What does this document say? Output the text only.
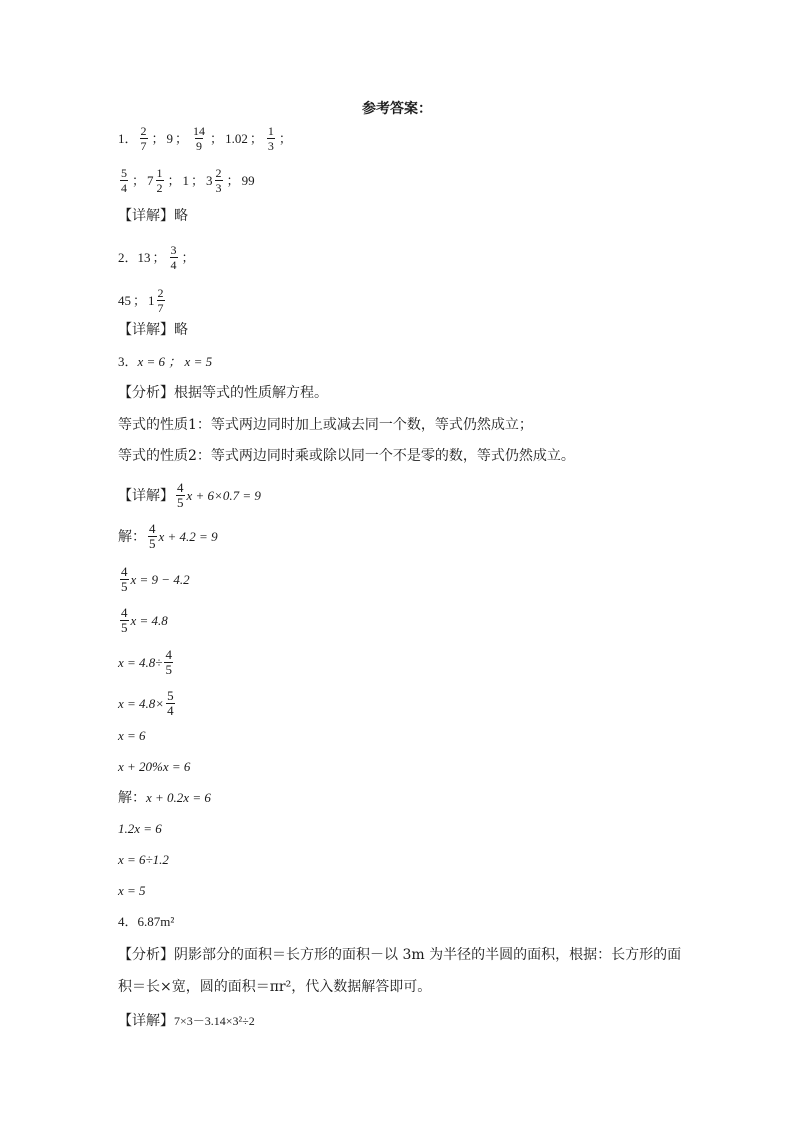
参考答案：
1． $\frac{2}{7}$ ； 9 ； $\frac{14}{9}$ ； 1.02 ； $\frac{1}{3}$ ；
$\frac{5}{4}$ ； $7 \frac{1}{2}$ ； 1 ； $3 \frac{2}{3}$ ； 99
【详解】 略
2． 13 ； $\frac{3}{4}$ ；
45 ； $1 \frac{2}{7}$
【详解】 略
3． x = 6 ； x = 5
【分析】 根据等式的性质解方程。
等式的性质1：等式两边同时加上或减去同一个数，等式仍然成立；
等式的性质2：等式两边同时乘或除以同一个不是零的数，等式仍然成立。
【详解】 $\frac{4}{5}$ x + 6×0.7 = 9
解： $\frac{4}{5}$ x + 4.2 = 9
$\frac{4}{5}$ x = 9 − 4.2
$\frac{4}{5}$ x = 4.8
$x = 4.8\div \frac{4}{5}$
$x = 4.8\times \frac{5}{4}$
x = 6
x + 20%x = 6
解： x + 0.2x = 6
1.2x = 6
x = 6÷1.2
x = 5
4． 6.87m²
【分析】 阴影部分的面积＝长方形的面积－以 3m 为半径的半圆的面积，根据：长方形的面
积＝长×宽，圆的面积＝πr²，代入数据解答即可。
【详解】 7×3－3.14×3²÷2
